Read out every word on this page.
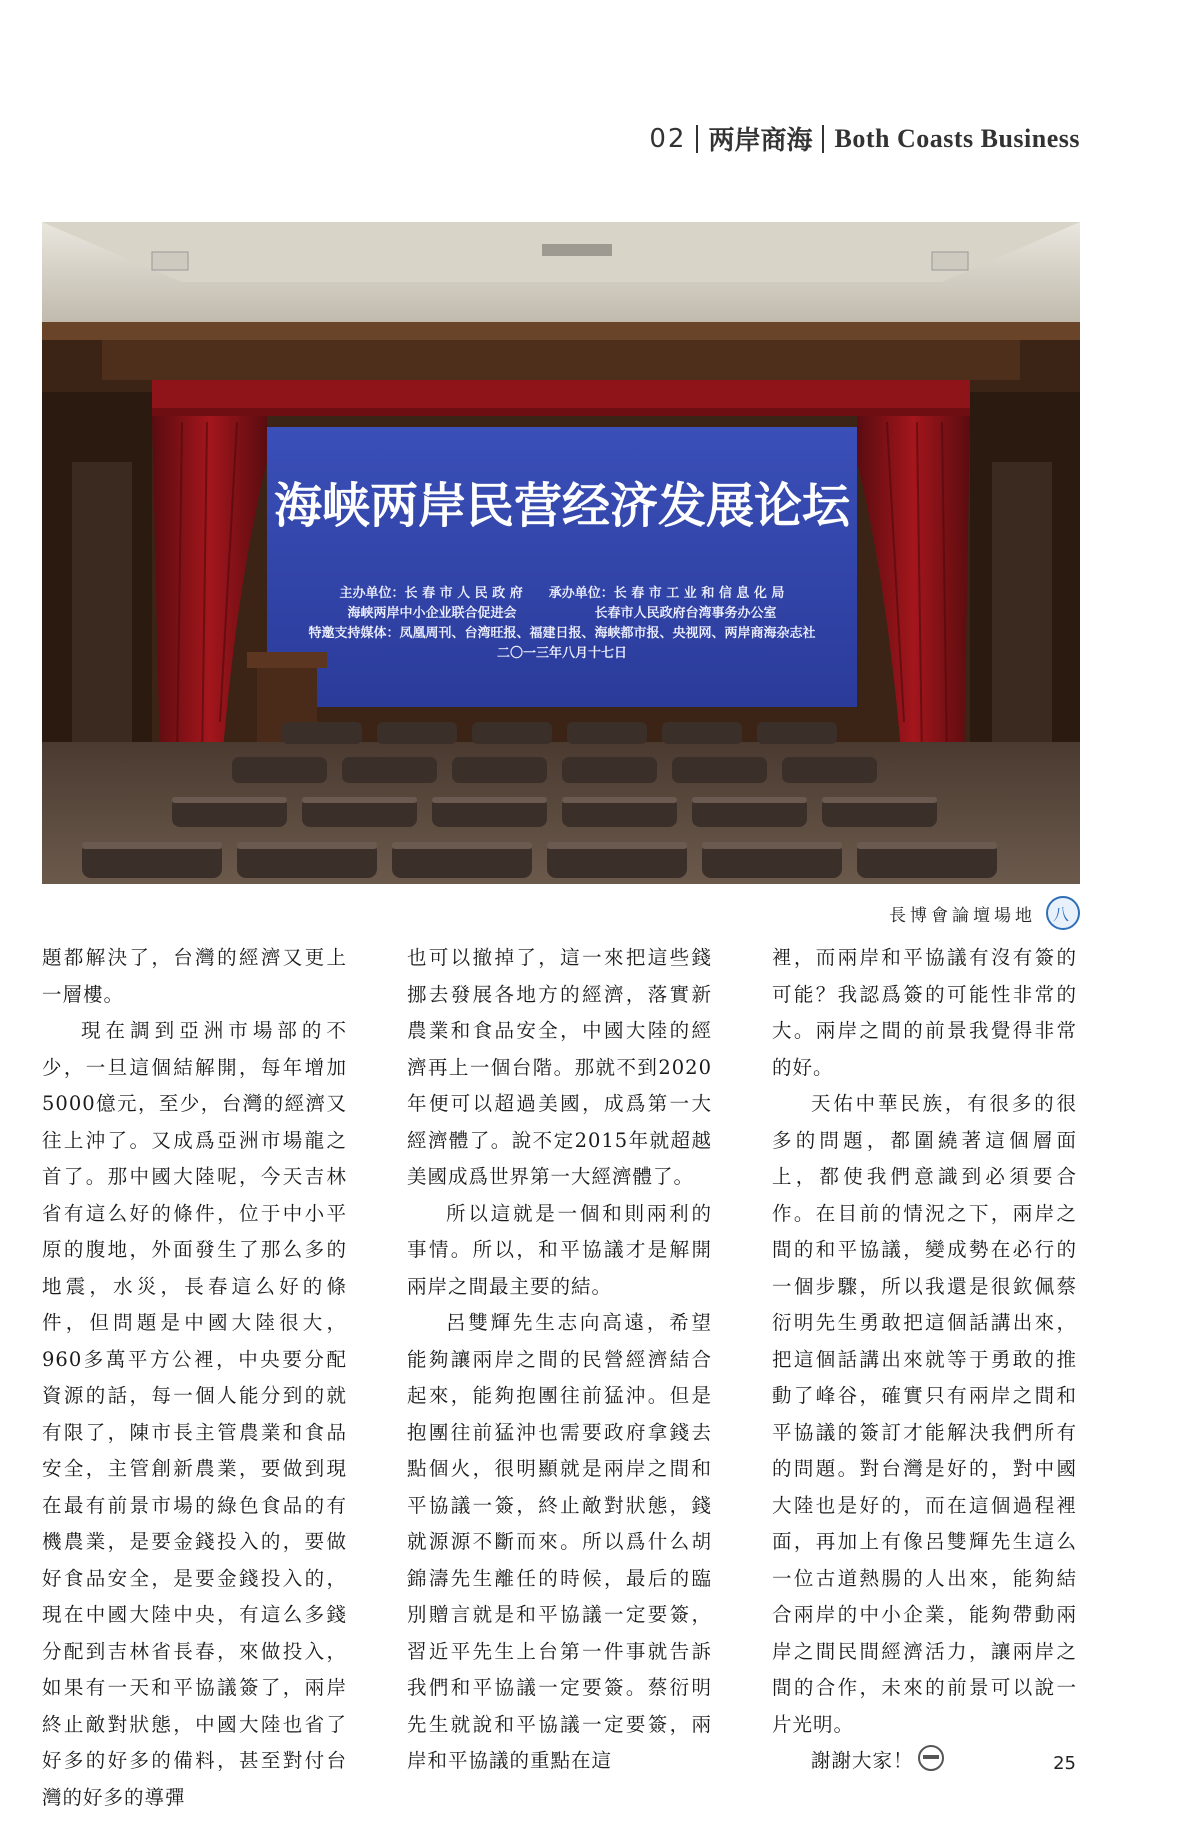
02 两岸商海 Both Coasts Business
海峡两岸民营经济发展论坛
主办单位：长 春 市 人 民 政 府　　承办单位：长 春 市 工 业 和 信 息 化 局
海峡两岸中小企业联合促进会　　　　　　长春市人民政府台湾事务办公室
特邀支持媒体：凤凰周刊、台湾旺报、福建日报、海峡都市报、央视网、两岸商海杂志社
二〇一三年八月十七日
長博會論壇場地	八

題都解決了，台灣的經濟又更上一層樓。

現在調到亞洲市場部的不少，一旦這個結解開，每年增加5000億元，至少，台灣的經濟又往上沖了。又成爲亞洲市場龍之首了。那中國大陸呢，今天吉林省有這么好的條件，位于中小平原的腹地，外面發生了那么多的地震，水災，長春這么好的條件，但問題是中國大陸很大，960多萬平方公裡，中央要分配資源的話，每一個人能分到的就有限了，陳市長主管農業和食品安全，主管創新農業，要做到現在最有前景市場的綠色食品的有機農業，是要金錢投入的，要做好食品安全，是要金錢投入的，現在中國大陸中央，有這么多錢分配到吉林省長春，來做投入，如果有一天和平協議簽了，兩岸終止敵對狀態，中國大陸也省了好多的好多的備料，甚至對付台灣的好多的導彈

也可以撤掉了，這一來把這些錢挪去發展各地方的經濟，落實新農業和食品安全，中國大陸的經濟再上一個台階。那就不到2020年便可以超過美國，成爲第一大經濟體了。說不定2015年就超越美國成爲世界第一大經濟體了。

所以這就是一個和則兩利的事情。所以，和平協議才是解開兩岸之間最主要的結。

呂雙輝先生志向高遠，希望能夠讓兩岸之間的民營經濟結合起來，能夠抱團往前猛沖。但是抱團往前猛沖也需要政府拿錢去點個火，很明顯就是兩岸之間和平協議一簽，終止敵對狀態，錢就源源不斷而來。所以爲什么胡錦濤先生離任的時候，最后的臨別贈言就是和平協議一定要簽，習近平先生上台第一件事就告訴我們和平協議一定要簽。蔡衍明先生就說和平協議一定要簽，兩岸和平協議的重點在這

裡，而兩岸和平協議有沒有簽的可能？我認爲簽的可能性非常的大。兩岸之間的前景我覺得非常的好。

天佑中華民族，有很多的很多的問題，都圍繞著這個層面上，都使我們意識到必須要合作。在目前的情況之下，兩岸之間的和平協議，變成勢在必行的一個步驟，所以我還是很欽佩蔡衍明先生勇敢把這個話講出來，把這個話講出來就等于勇敢的推動了峰谷，確實只有兩岸之間和平協議的簽訂才能解決我們所有的問題。對台灣是好的，對中國大陸也是好的，而在這個過程裡面，再加上有像呂雙輝先生這么一位古道熱腸的人出來，能夠結合兩岸的中小企業，能夠帶動兩岸之間民間經濟活力，讓兩岸之間的合作，未來的前景可以說一片光明。

謝謝大家！	25
